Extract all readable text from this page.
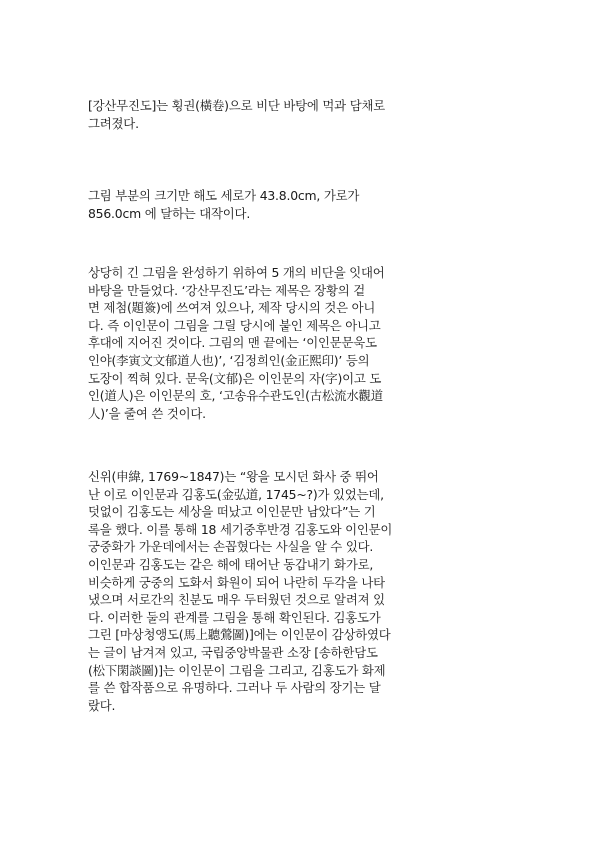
[강산무진도]는 횡권(橫卷)으로 비단 바탕에 먹과 담채로
그려졌다.

그림 부분의 크기만 해도 세로가 43.8.0cm, 가로가
856.0cm 에 달하는 대작이다.

상당히 긴 그림을 완성하기 위하여 5 개의 비단을 잇대어
바탕을 만들었다. ‘강산무진도’라는 제목은 장황의 겉
면 제첨(題簽)에 쓰여져 있으나, 제작 당시의 것은 아니
다. 즉 이인문이 그림을 그릴 당시에 붙인 제목은 아니고
후대에 지어진 것이다. 그림의 맨 끝에는 ‘이인문문욱도
인야(李寅文文郁道人也)’, ‘김정희인(金正熙印)’ 등의
도장이 찍혀 있다. 문욱(文郁)은 이인문의 자(字)이고 도
인(道人)은 이인문의 호, ‘고송유수관도인(古松流水觀道
人)’을 줄여 쓴 것이다.

신위(申緯, 1769~1847)는 “왕을 모시던 화사 중 뛰어
난 이로 이인문과 김홍도(金弘道, 1745~?)가 있었는데,
덧없이 김홍도는 세상을 떠났고 이인문만 남았다”는 기
록을 했다. 이를 통해 18 세기중후반경 김홍도와 이인문이
궁중화가 가운데에서는 손꼽혔다는 사실을 알 수 있다.
이인문과 김홍도는 같은 해에 태어난 동갑내기 화가로,
비슷하게 궁중의 도화서 화원이 되어 나란히 두각을 나타
냈으며 서로간의 친분도 매우 두터웠던 것으로 알려져 있
다. 이러한 둘의 관계를 그림을 통해 확인된다. 김홍도가
그린 [마상청앵도(馬上聽鶯圖)]에는 이인문이 감상하였다
는 글이 남겨져 있고, 국립중앙박물관 소장 [송하한담도
(松下閑談圖)]는 이인문이 그림을 그리고, 김홍도가 화제
를 쓴 합작품으로 유명하다. 그러나 두 사람의 장기는 달
랐다.
